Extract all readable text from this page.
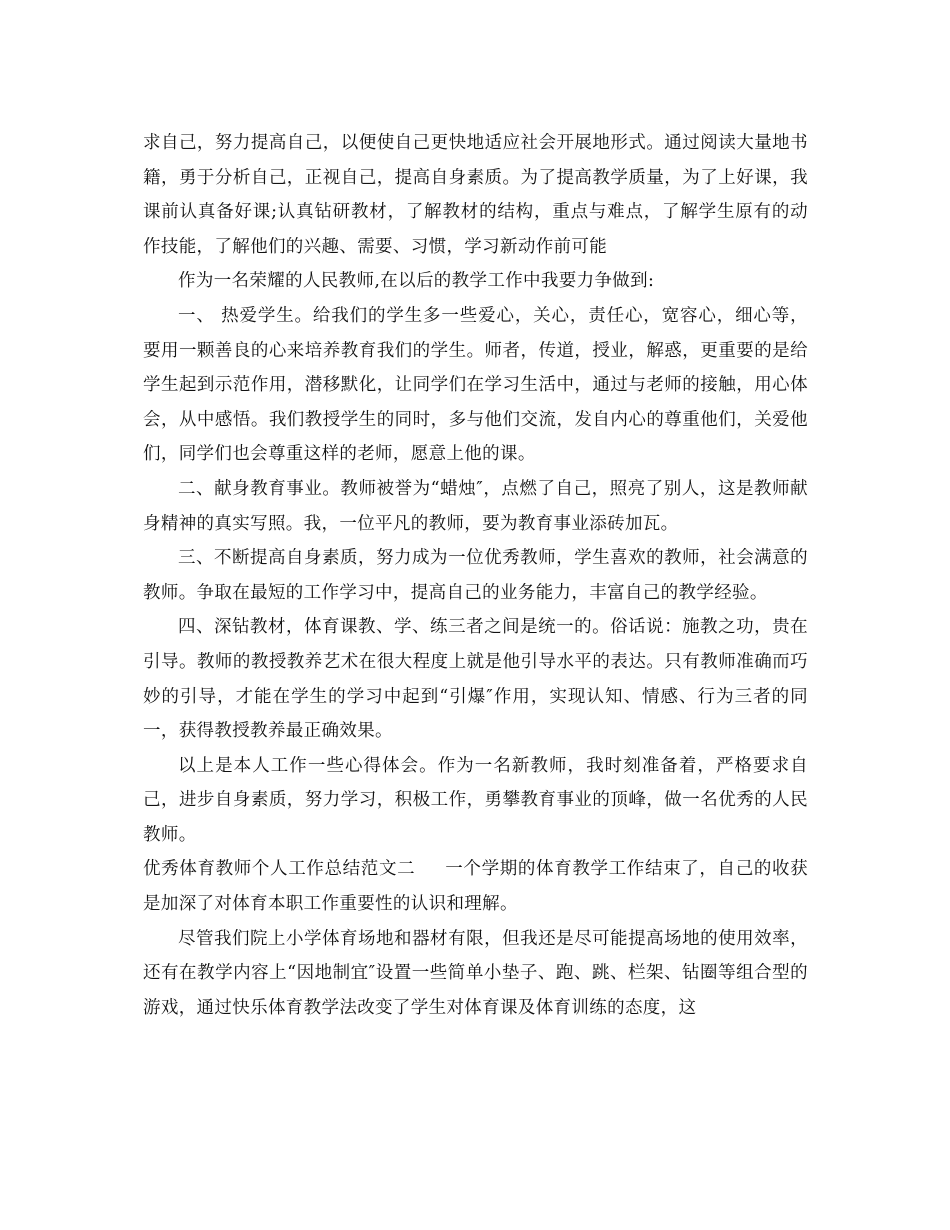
求自己，努力提高自己，以便使自己更快地适应社会开展地形式。通过阅读大量地书籍，勇于分析自己，正视自己，提高自身素质。为了提高教学质量，为了上好课，我课前认真备好课;认真钻研教材，了解教材的结构，重点与难点，了解学生原有的动作技能，了解他们的兴趣、需要、习惯，学习新动作前可能

作为一名荣耀的人民教师,在以后的教学工作中我要力争做到:

一、 热爱学生。给我们的学生多一些爱心，关心，责任心，宽容心，细心等，要用一颗善良的心来培养教育我们的学生。师者，传道，授业，解惑，更重要的是给学生起到示范作用，潜移默化，让同学们在学习生活中，通过与老师的接触，用心体会，从中感悟。我们教授学生的同时，多与他们交流，发自内心的尊重他们，关爱他们，同学们也会尊重这样的老师，愿意上他的课。

二、献身教育事业。教师被誉为“蜡烛″，点燃了自己，照亮了别人，这是教师献身精神的真实写照。我，一位平凡的教师，要为教育事业添砖加瓦。

三、不断提高自身素质，努力成为一位优秀教师，学生喜欢的教师，社会满意的教师。争取在最短的工作学习中，提高自己的业务能力，丰富自己的教学经验。

四、深钻教材，体育课教、学、练三者之间是统一的。俗话说：施教之功，贵在引导。教师的教授教养艺术在很大程度上就是他引导水平的表达。只有教师准确而巧妙的引导，才能在学生的学习中起到“引爆″作用，实现认知、情感、行为三者的同一，获得教授教养最正确效果。

以上是本人工作一些心得体会。作为一名新教师，我时刻准备着，严格要求自己，进步自身素质，努力学习，积极工作，勇攀教育事业的顶峰，做一名优秀的人民教师。

优秀体育教师个人工作总结范文二 一个学期的体育教学工作结束了，自己的收获是加深了对体育本职工作重要性的认识和理解。

尽管我们院上小学体育场地和器材有限，但我还是尽可能提高场地的使用效率，还有在教学内容上“因地制宜″设置一些简单小垫子、跑、跳、栏架、钻圈等组合型的游戏，通过快乐体育教学法改变了学生对体育课及体育训练的态度，这
